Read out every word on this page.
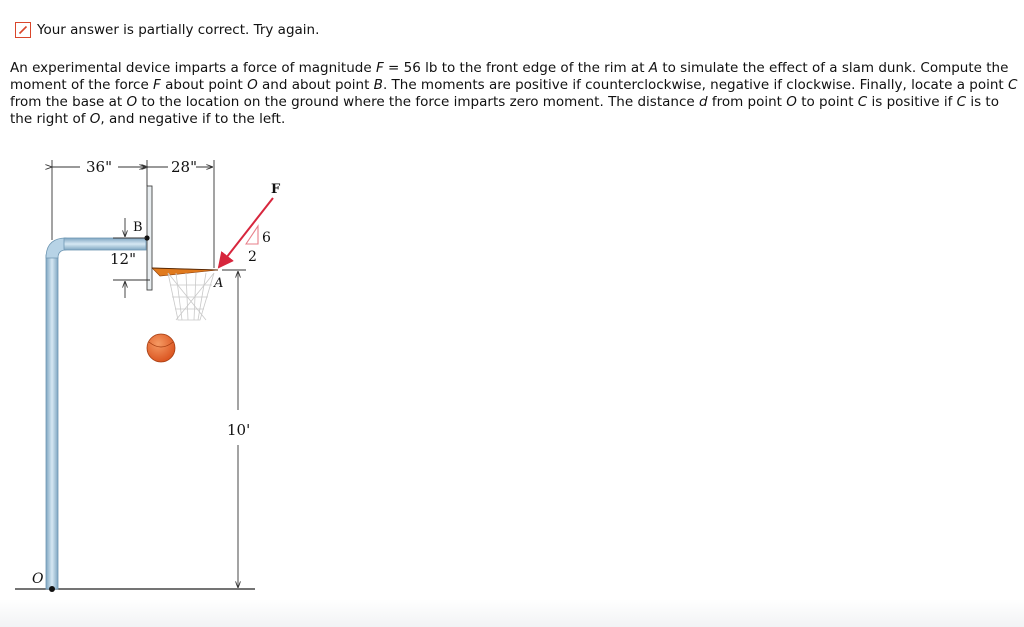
Your answer is partially correct. Try again.
An experimental device imparts a force of magnitude F = 56 lb to the front edge of the rim at A to simulate the effect of a slam dunk. Compute the moment of the force F about point O and about point B. The moments are positive if counterclockwise, negative if clockwise. Finally, locate a point C from the base at O to the location on the ground where the force imparts zero moment. The distance d from point O to point C is positive if C is to the right of O, and negative if to the left.
O
36"	28"
B
12"
F
6
2
A
10'
